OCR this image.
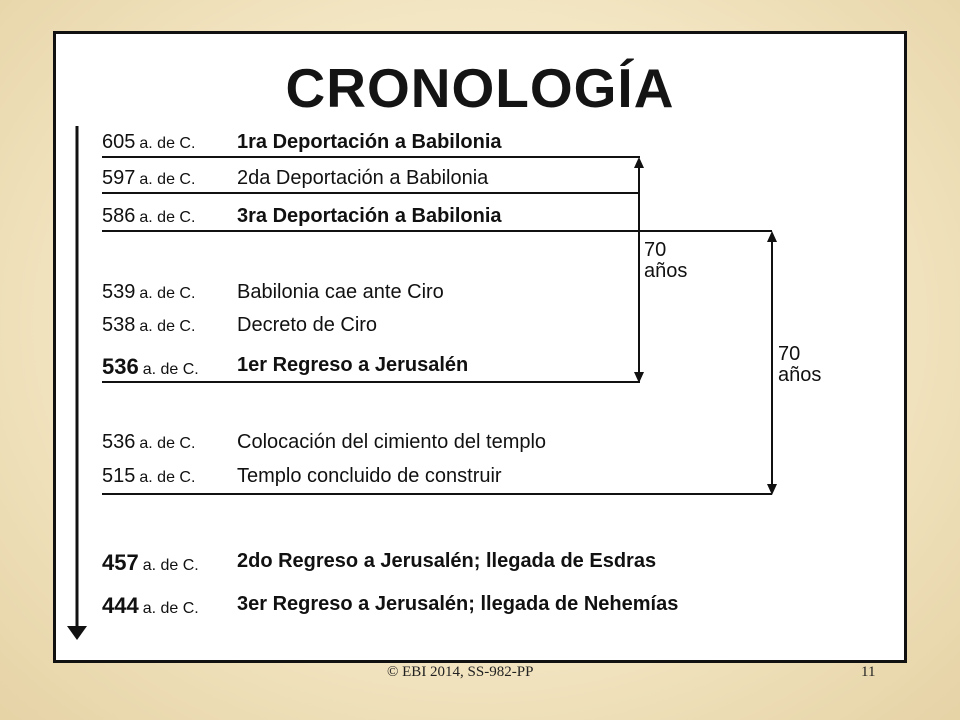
CRONOLOGÍA
605 a. de C. 1ra Deportación a Babilonia
597 a. de C. 2da Deportación a Babilonia
586 a. de C. 3ra Deportación a Babilonia
539 a. de C. Babilonia cae ante Ciro
538 a. de C. Decreto de Ciro
536 a. de C. 1er Regreso a Jerusalén
536 a. de C. Colocación del cimiento del templo
515 a. de C. Templo concluido de construir
457 a. de C. 2do Regreso a Jerusalén; llegada de Esdras
444 a. de C. 3er Regreso a Jerusalén; llegada de Nehemías
70
años
70
años
© EBI 2014, SS-982-PP	11
